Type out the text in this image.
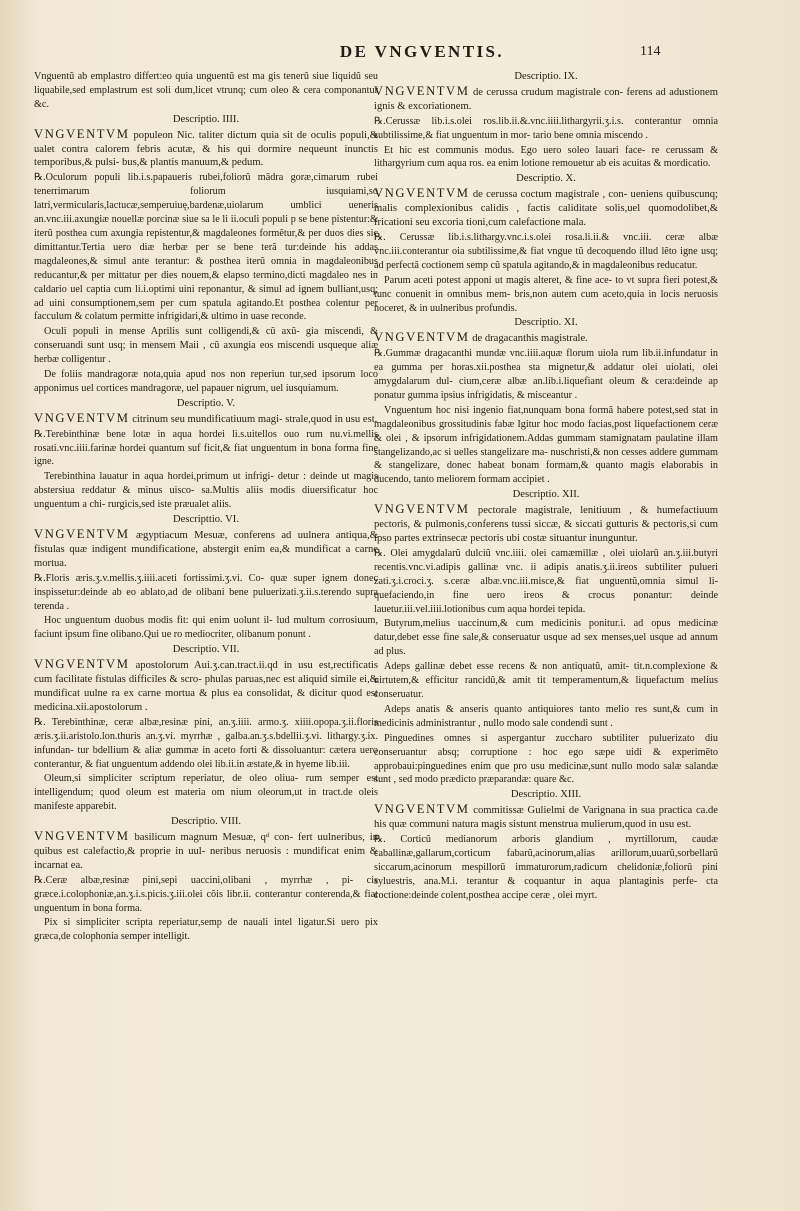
DE VNGVENTIS.	114

Vnguentũ ab emplastro differt:eo quia unguentũ est ma gis tenerũ siue liquidũ seu liquabile,sed emplastrum est soli dum,licet vtrunq; cum oleo & cera componantur &c.

Descriptio. IIII.

VNGVENTVM populeon Nic. taliter dictum quia sit de oculis populi,& ualet contra calorem febris acutæ, & his qui dormire nequeunt inunctis temporibus,& pulsi- bus,& plantis manuum,& pedum.

℞.Oculorum populi lib.i.s.papaueris rubei,foliorũ mãdra goræ,cimarum rubei tenerrimarum foliorum iusquiami,so latri,vermicularis,lactucæ,semperuiuę,bardenæ,uiolarum umblici ueneris an.vnc.iii.axungiæ nouellæ porcinæ siue sa le li ii.oculi populi p se bene pistentur:& iterũ posthea cum axungia repistentur,& magdaleones formẽtur,& per duos dies sic dimittantur.Tertia uero diæ herbæ per se bene terã tur:deinde his addas magdaleones,& simul ante terantur: & posthea iterũ omnia in magdaleonibus reducantur,& per mittatur per dies nouem,& elapso termino,dicti magdaleo nes in caldario uel captia cum li.i.optimi uini reponantur, & simul ad ignem bulliant,usq; ad uini consumptionem,sem per cum spatula agitando.Et posthea colentur per facculum & colatum permitte infrigidari,& ultimo in uase reconde.

Oculi populi in mense Aprilis sunt colligendi,& cũ axũ- gia miscendi, & conseruandi sunt usq; in mensem Maii , cũ axungia eos miscendi usqueque aliæ herbæ colligentur .

De foliis mandragoræ nota,quia apud nos non reperiun tur,sed ipsorum loco apponimus uel cortices mandragoræ, uel papauer nigrum, uel iusquiamum.

Descriptio. V.

VNGVENTVM citrinum seu mundificatiuum magi- strale,quod in usu est.

℞.Terebinthinæ bene lotæ in aqua hordei li.s.uitellos ouo rum nu.vi.mellis rosati.vnc.iiii.farinæ hordei quantum suf ficit,& fiat unguentum in bona forma fine igne.

Terebinthina lauatur in aqua hordei,primum ut infrigi- detur : deinde ut magis abstersiua reddatur & minus uisco- sa.Multis aliis modis diuersificatur hoc unguentum a chi- rurgicis,sed iste præualet aliis.

Descripttio. VI.

VNGVENTVM ægyptiacum Mesuæ, conferens ad uulnera antiqua,& fistulas quæ indigent mundificatione, abstergit enim ea,& mundificat a carne mortua.

℞.Floris æris.ʒ.v.mellis.ʒ.iiii.aceti fortissimi.ʒ.vi. Co- quæ super ignem donec inspissetur:deinde ab eo ablato,ad de olibani bene puluerizati.ʒ.ii.s.terendo supra terenda .

Hoc unguentum duobus modis fit: qui enim uolunt il- lud multum corrosiuum, faciunt ipsum fine olibano.Qui ue ro mediocriter, olibanum ponunt .

Descriptio. VII.

VNGVENTVM apostolorum Aui.ʒ.can.tract.ii.qd in usu est,rectificatis cum facilitate fistulas difficiles & scro- phulas paruas,nec est aliquid simile ei,& mundificat uulne ra ex carne mortua & plus ea consolidat, & dicitur quod est medicina.xii.apostolorum .

℞. Terebinthinæ, ceræ albæ,resinæ pini, an.ʒ.iiii. armo.ʒ. xiiii.opopa.ʒ.ii.floris æris.ʒ.ii.aristolo.lon.thuris an.ʒ.vi. myrrhæ , galba.an.ʒ.s.bdellii.ʒ.vi. lithargy.ʒ.ix. infundan- tur bdellium & aliæ gummæ in aceto forti & dissoluantur: cætera uero conterantur, & fiat unguentum addendo olei lib.ii.in æstate,& in hyeme lib.iii.

Oleum,si simpliciter scriptum reperiatur, de oleo oliua- rum semper est intelligendum; quod oleum est materia om nium oleorum,ut in tract.de oleis manifeste apparebit.

Descriptio. VIII.

VNGVENTVM basilicum magnum Mesuæ, qᵈ con- fert uulneribus, in quibus est calefactio,& proprie in uul- neribus neruosis : mundificat enim & incarnat ea.

℞.Ceræ albæ,resinæ pini,sepi uaccini,olibani , myrrhæ , pi- cis græce.i.colophoniæ,an.ʒ.i.s.picis.ʒ.iii.olei cõis libr.ii. conterantur conterenda,& fiat unguentum in bona forma.

Pix si simpliciter scripta reperiatur,semp de nauali intel ligatur.Si uero pix græca,de colophonia semper intelligit.

Descriptio. IX.

VNGVENTVM de cerussa crudum magistrale con- ferens ad adustionem ignis & excoriationem.

℞.Cerussæ lib.i.s.olei ros.lib.ii.&.vnc.iiii.lithargyrii.ʒ.i.s. conterantur omnia subtilissime,& fiat unguentum in mor- tario bene omnia miscendo .

Et hic est communis modus. Ego uero soleo lauari face- re cerussam & lithargyrium cum aqua ros. ea enim lotione remouetur ab eis acuitas & mordicatio.

Descriptio. X.

VNGVENTVM de cerussa coctum magistrale , con- ueniens quibuscunq; malis complexionibus calidis , factis caliditate solis,uel quomodolibet,& fricationi seu excoria tioni,cum calefactione mala.

℞. Cerussæ lib.i.s.lithargy.vnc.i.s.olei rosa.li.ii.& vnc.iii. ceræ albæ vnc.iii.conterantur oia subtilissime,& fiat vngue tũ decoquendo illud lẽto igne usq; ad perfectã coctionem semp cũ spatula agitando,& in magdaleonibus reducatur.

Parum aceti potest apponi ut magis alteret, & fine ace- to vt supra fieri potest,& tunc conuenit in omnibus mem- bris,non autem cum aceto,quia in locis neruosis noceret, & in uulneribus profundis.

Descriptio. XI.

VNGVENTVM de dragacanthis magistrale.

℞.Gummæ dragacanthi mundæ vnc.iiii.aquæ florum uiola rum lib.ii.infundatur in ea gumma per horas.xii.posthea sta mignetur,& addatur olei uiolati, olei amygdalarum dul- cium,ceræ albæ an.lib.i.liquefiant oleum & cera:deinde ap ponatur gumma ipsius infrigidatis, & misceantur .

Vnguentum hoc nisi ingenio fiat,nunquam bona formã habere potest,sed stat in magdaleonibus grossitudinis fabæ Igitur hoc modo facias,post liquefactionem ceræ & olei , & ipsorum infrigidationem.Addas gummam stamignatam paulatine illam stangelizando,ac si uelles stangelizare ma- nuschristi,& non cesses addere gummam & stangelizare, donec habeat bonam formam,& quanto magis elaborabis in ducendo, tanto meliorem formam accipiet .

Descriptio. XII.

VNGVENTVM pectorale magistrale, lenitiuum , & humefactiuum pectoris, & pulmonis,conferens tussi siccæ, & siccati gutturis & pectoris,si cum ipso partes extrinsecæ pectoris ubi costæ situantur inunguntur.

℞. Olei amygdalarũ dulciũ vnc.iiii. olei camæmillæ , olei uiolarũ an.ʒ.iii.butyri recentis.vnc.vi.adipis gallinæ vnc. ii adipis anatis.ʒ.ii.ireos subtiliter pulueri zati.ʒ.i.croci.ʒ. s.ceræ albæ.vnc.iii.misce,& fiat unguentũ,omnia simul li- quefaciendo,in fine uero ireos & crocus ponantur: deinde lauetur.iii.vel.iiii.lotionibus cum aqua hordei tepida.

Butyrum,melius uaccinum,& cum medicinis ponitur.i. ad opus medicinæ datur,debet esse fine sale,& conseruatur usque ad sex menses,uel usque ad annum ad plus.

Adeps gallinæ debet esse recens & non antiquatũ, amit- tit.n.complexione & uirtutem,& efficitur rancidũ,& amit tit temperamentum,& liquefactum melius conseruatur.

Adeps anatis & anseris quanto antiquiores tanto melio res sunt,& cum in medicinis administrantur , nullo modo sale condendi sunt .

Pinguedines omnes si aspergantur zuccharo subtiliter puluerizato diu conseruantur absq; corruptione : hoc ego sæpe uidi & experimẽto approbaui:pinguedines enim que pro usu medicinæ,sunt nullo modo salæ salandæ sunt , sed modo prædicto præparandæ: quare &c.

Descriptio. XIII.

VNGVENTVM commitissæ Gulielmi de Varignana in sua practica ca.de his quæ communi natura magis sistunt menstrua mulierum,quod in usu est.

℞. Corticũ medianorum arboris glandium , myrtillorum, caudæ caballinæ,gallarum,corticum fabarũ,acinorum,alias arillorum,uuarũ,sorbellarũ siccarum,acinorum mespillorũ immaturorum,radicum chelidoniæ,foliorũ pini syluestris, ana.M.i. terantur & coquantur in aqua plantaginis perfe- cta coctione:deinde colent,posthea accipe ceræ , olei myrt.
